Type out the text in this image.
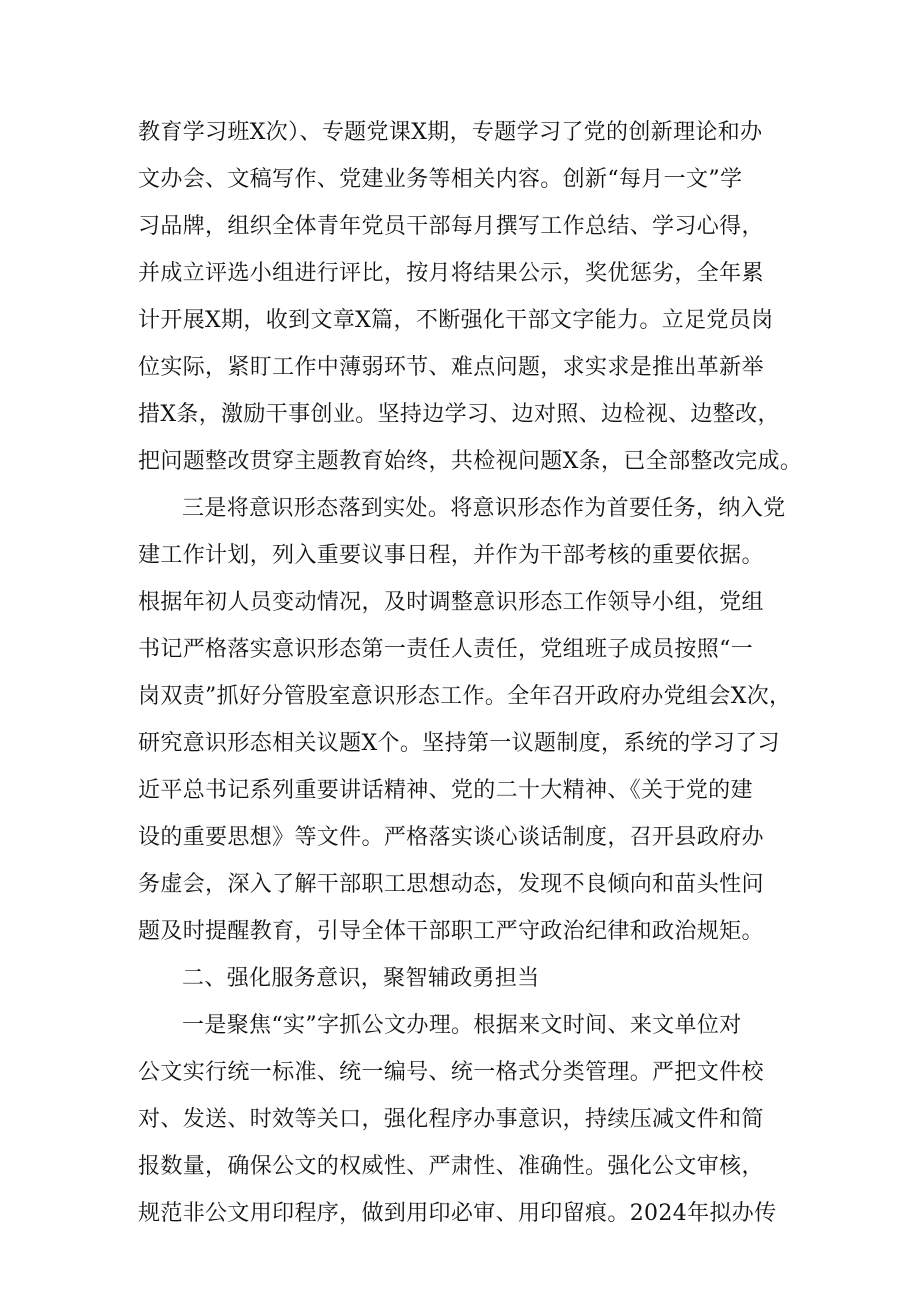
教育学习班X次）、专题党课X期，专题学习了党的创新理论和办
文办会、文稿写作、党建业务等相关内容。创新“每月一文”学
习品牌，组织全体青年党员干部每月撰写工作总结、学习心得，
并成立评选小组进行评比，按月将结果公示，奖优惩劣，全年累
计开展X期，收到文章X篇，不断强化干部文字能力。立足党员岗
位实际，紧盯工作中薄弱环节、难点问题，求实求是推出革新举
措X条，激励干事创业。坚持边学习、边对照、边检视、边整改，
把问题整改贯穿主题教育始终，共检视问题X条，已全部整改完成。
三是将意识形态落到实处。将意识形态作为首要任务，纳入党
建工作计划，列入重要议事日程，并作为干部考核的重要依据。
根据年初人员变动情况，及时调整意识形态工作领导小组，党组
书记严格落实意识形态第一责任人责任，党组班子成员按照“一
岗双责”抓好分管股室意识形态工作。全年召开政府办党组会X次，
研究意识形态相关议题X个。坚持第一议题制度，系统的学习了习
近平总书记系列重要讲话精神、党的二十大精神、《关于党的建
设的重要思想》等文件。严格落实谈心谈话制度，召开县政府办
务虚会，深入了解干部职工思想动态，发现不良倾向和苗头性问
题及时提醒教育，引导全体干部职工严守政治纪律和政治规矩。
二、强化服务意识，聚智辅政勇担当
一是聚焦“实”字抓公文办理。根据来文时间、来文单位对
公文实行统一标准、统一编号、统一格式分类管理。严把文件校
对、发送、时效等关口，强化程序办事意识，持续压减文件和简
报数量，确保公文的权威性、严肃性、准确性。强化公文审核，
规范非公文用印程序，做到用印必审、用印留痕。2024年拟办传
